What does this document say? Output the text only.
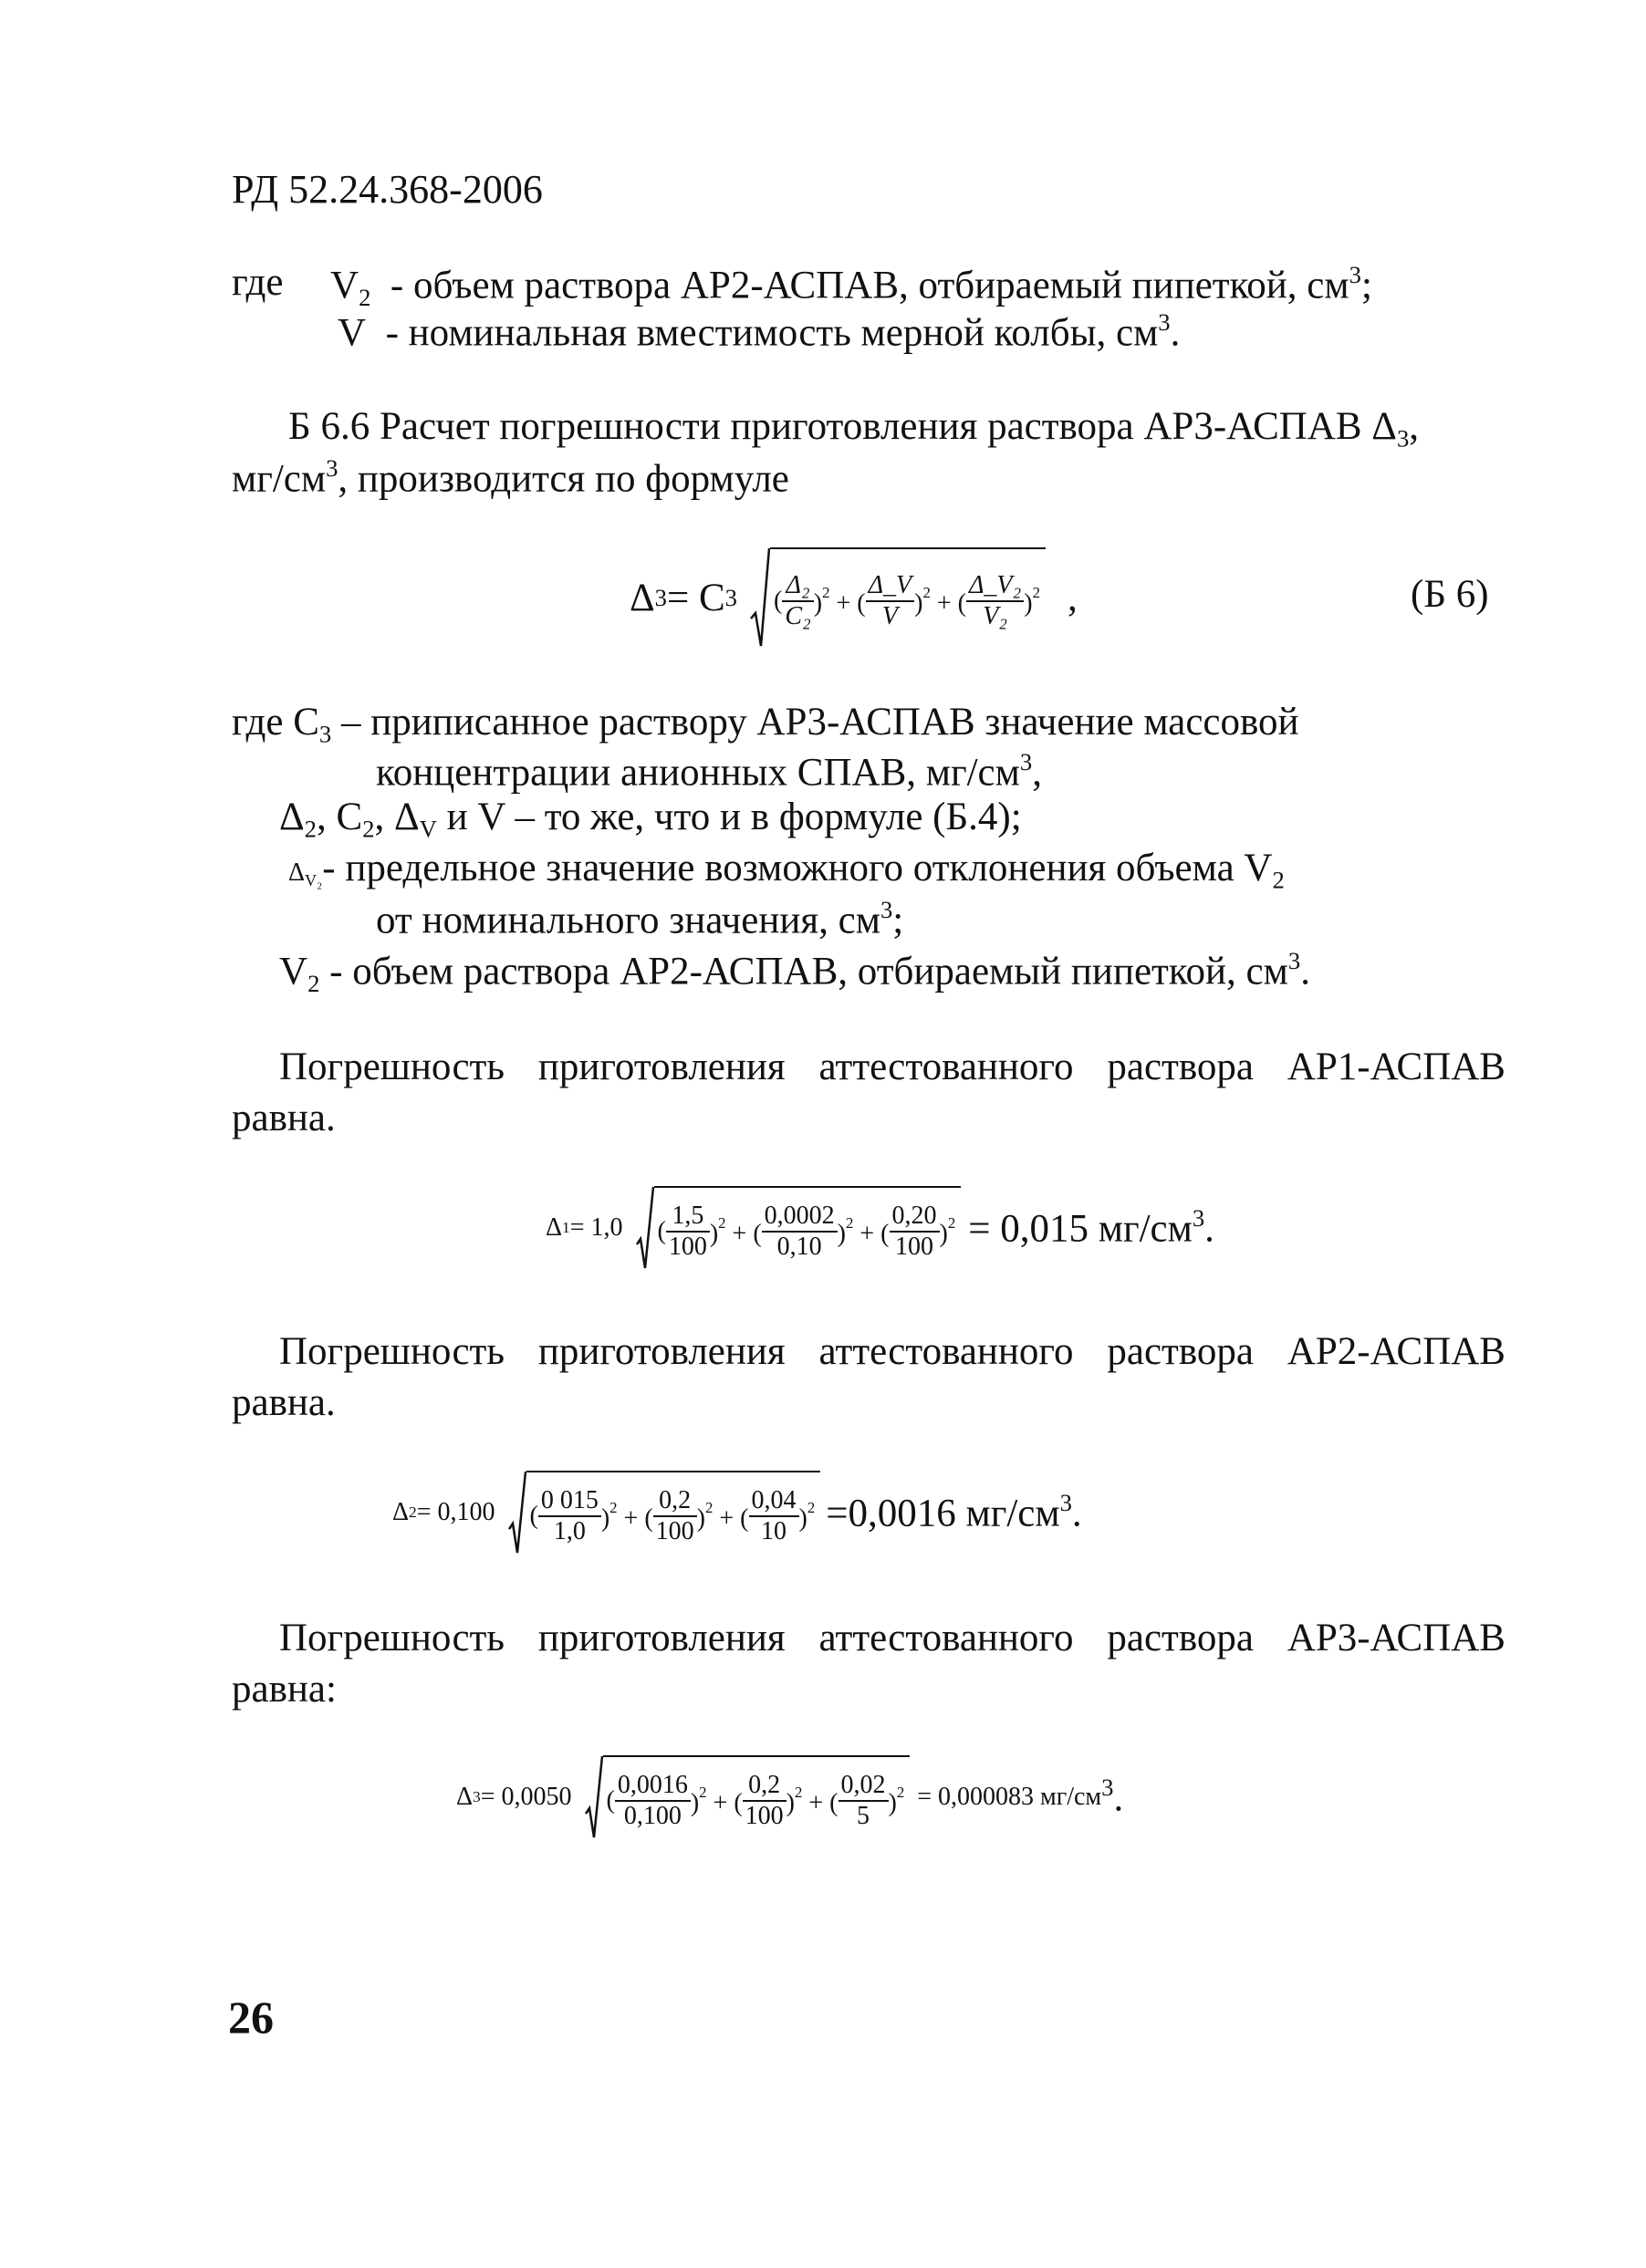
РД 52.24.368-2006
где $V_2$ - объем раствора АР2-АСПАВ, отбираемый пипеткой, $см^3$;
V - номинальная вместимость мерной колбы, $см^3$.
Б 6.6 Расчет погрешности приготовления раствора АР3-АСПАВ $\Delta_3$,
$мг/см^3$, производится по формуле
Δ 3 = C 3 (
Δ₂
C₂ )$^2$ + (
Δ_V
V )$^2$ + (
Δ_V₂
V₂ )$^2$ ,	(Б 6)
где $С_3$ – приписанное раствору АР3-АСПАВ значение массовой
концентрации анионных СПАВ, $мг/см^3$,
$\Delta_2$, $C_2$, $\Delta_V$ и V – то же, что и в формуле (Б.4);
ΔV₂- предельное значение возможного отклонения объема $V_2$
от номинального значения, $см^3$;
$V_2$ - объем раствора АР2-АСПАВ, отбираемый пипеткой, $см^3$.
Погрешность приготовления аттестованного раствора АР1-АСПАВ
равна.
Δ 1 = 1,0 (
1,5
100 )$^2$ + (
0,0002
0,10 )$^2$ + (
0,20
100 )$^2$ = 0,015 $мг/см^3$.
Погрешность приготовления аттестованного раствора АР2-АСПАВ
равна.
Δ 2 = 0,100 (
0 015
1,0 )$^2$ + (
0,2
100 )$^2$ + (
0,04
10 )$^2$ =0,0016 $мг/см^3$.
Погрешность приготовления аттестованного раствора АР3-АСПАВ
равна:
Δ 3 = 0,0050 (
0,0016
0,100 )$^2$ + (
0,2
100 )$^2$ + (
0,02
5 )$^2$ = 0,000083 мг/см $^3$.
26
